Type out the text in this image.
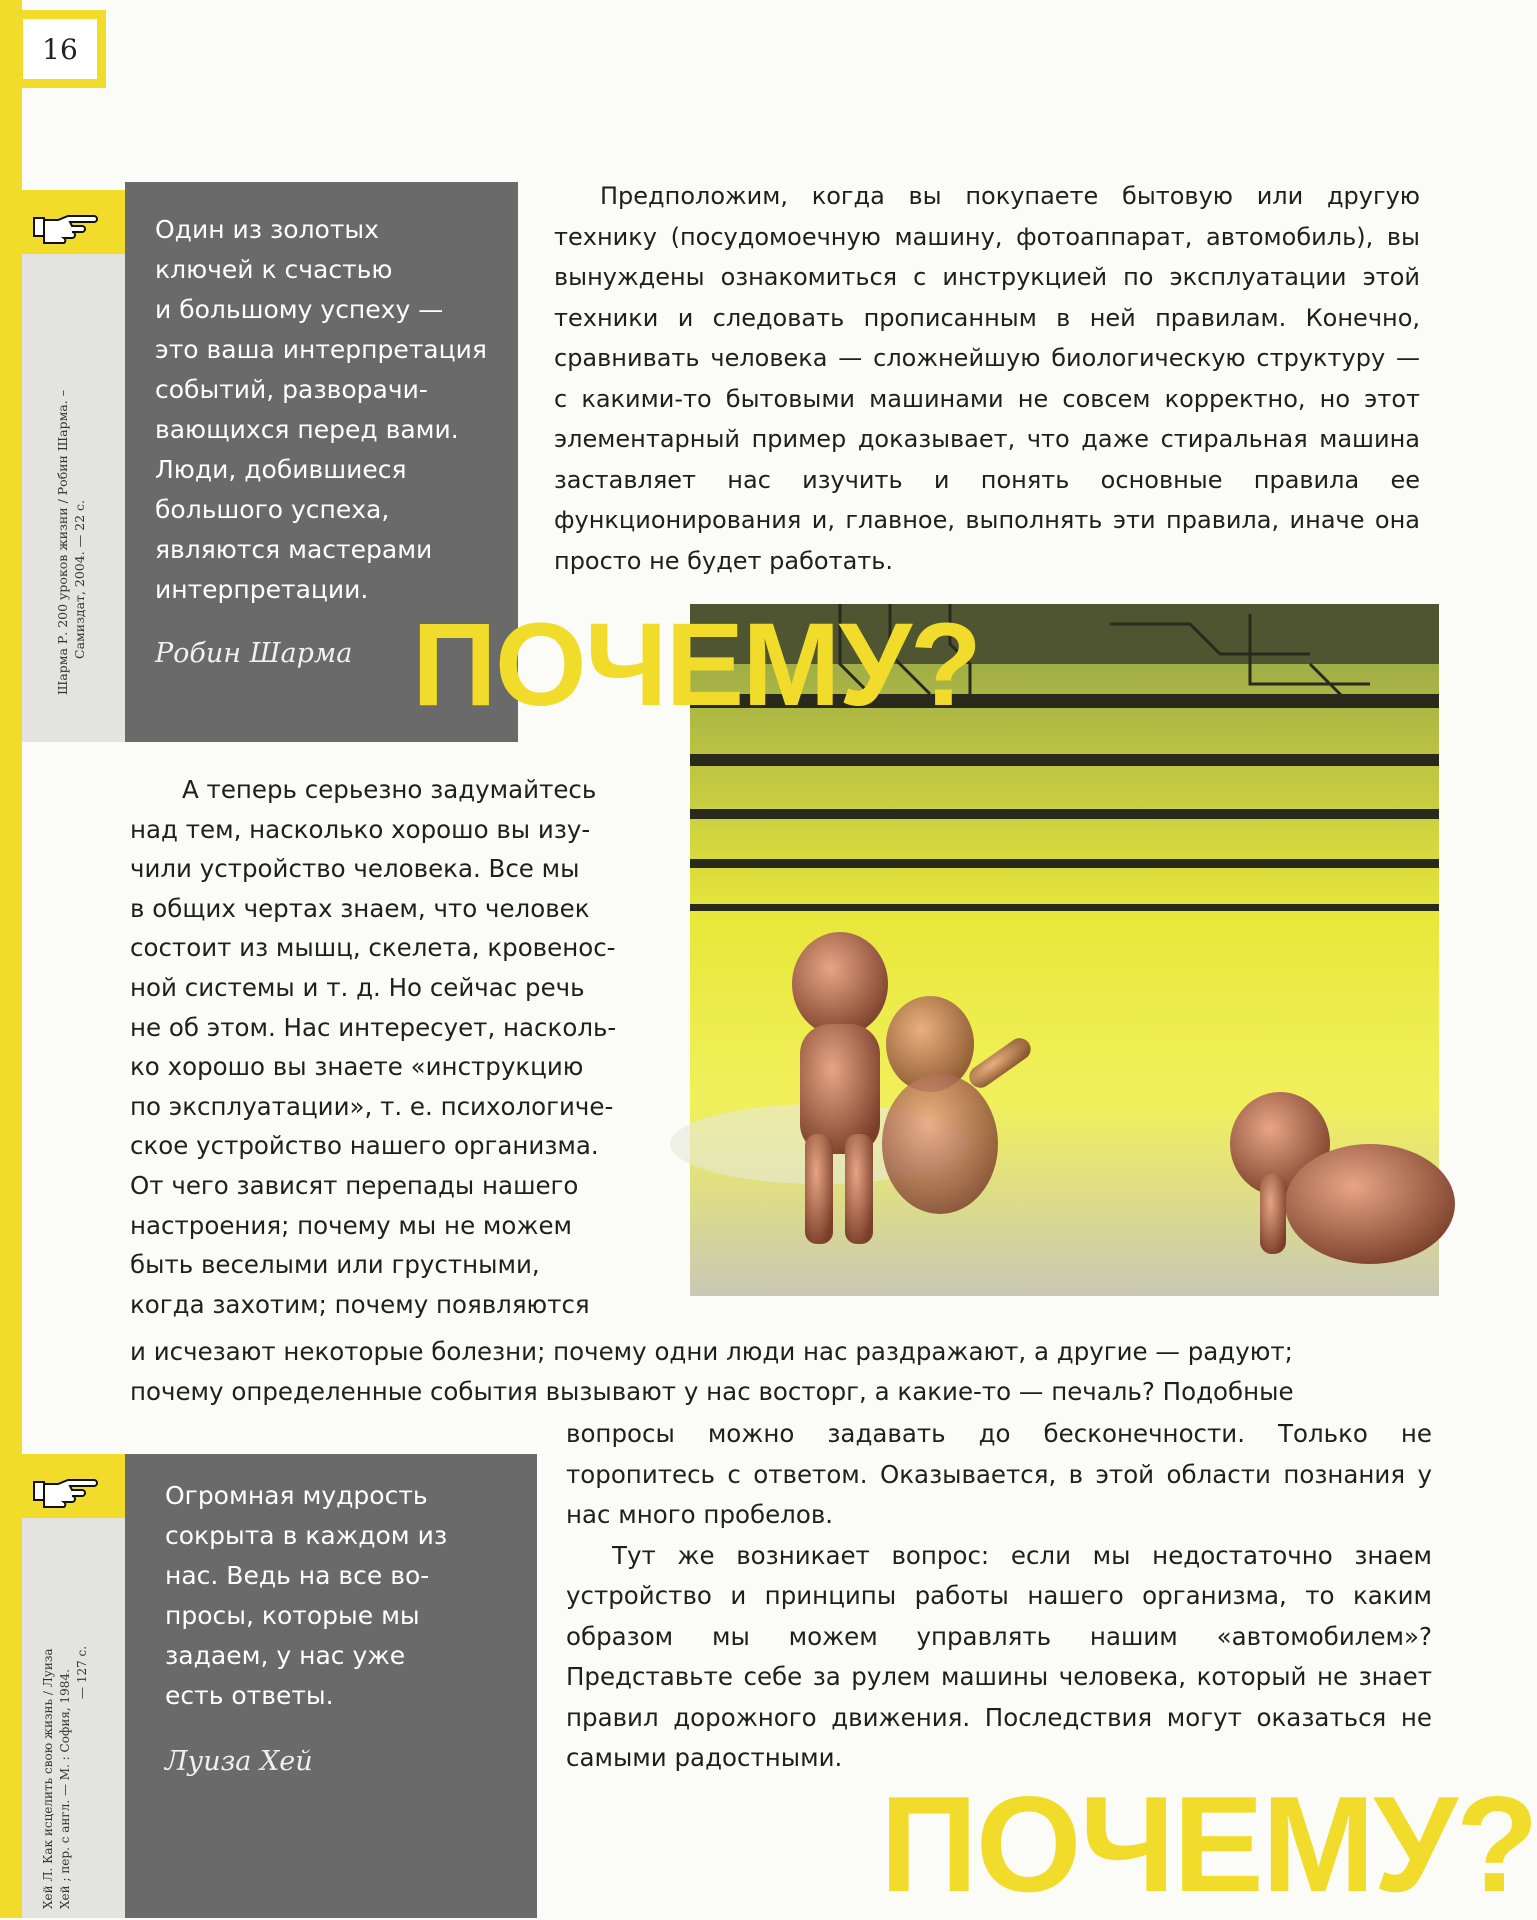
16
Шарма Р. 200 уроков жизни / Робин Шарма. – Самиздат, 2004. — 22 с.
Один из золотых
ключей к счастью
и большому успеху —
это ваша интерпретация
событий, разворачи-
вающихся перед вами.
Люди, добившиеся
большого успеха,
являются мастерами
интерпретации.
Робин Шарма

Предположим, когда вы покупаете бытовую или другую технику (посудомоечную машину, фотоаппарат, автомобиль), вы вынуждены ознакомиться с инструкцией по эксплуатации этой техники и следовать прописанным в ней правилам. Конечно, сравнивать человека — сложнейшую биологическую структуру — с какими-то бытовыми машинами не совсем корректно, но этот элементарный пример доказывает, что даже стиральная машина заставляет нас изучить и понять основные правила ее функционирования и, главное, выполнять эти правила, иначе она просто не будет работать.

ПОЧЕМУ?
А теперь серьезно задумайтесь
над тем, насколько хорошо вы изу-
чили устройство человека. Все мы
в общих чертах знаем, что человек
состоит из мышц, скелета, кровенос-
ной системы и т. д. Но сейчас речь
не об этом. Нас интересует, насколь-
ко хорошо вы знаете «инструкцию
по эксплуатации», т. е. психологиче-
ское устройство нашего организма.
От чего зависят перепады нашего
настроения; почему мы не можем
быть веселыми или грустными,
когда захотим; почему появляются
и исчезают некоторые болезни; почему одни люди нас раздражают, а другие — радуют;
почему определенные события вызывают у нас восторг, а какие-то — печаль? Подобные

вопросы можно задавать до бесконечности. Только не торопитесь с ответом. Оказывается, в этой области познания у нас много пробелов.

Тут же возникает вопрос: если мы недостаточно знаем устройство и принципы работы нашего организма, то каким образом мы можем управлять нашим «автомобилем»? Представьте себе за рулем машины человека, который не знает правил дорожного движения. Последствия могут оказаться не самыми радостными.

Хей Л. Как исцелить свою жизнь / Луиза Хей ; пер. с англ. — М. : София, 1984. — 127 с.
Огромная мудрость
сокрыта в каждом из
нас. Ведь на все во-
просы, которые мы
задаем, у нас уже
есть ответы.
Луиза Хей
ПОЧЕМУ?
